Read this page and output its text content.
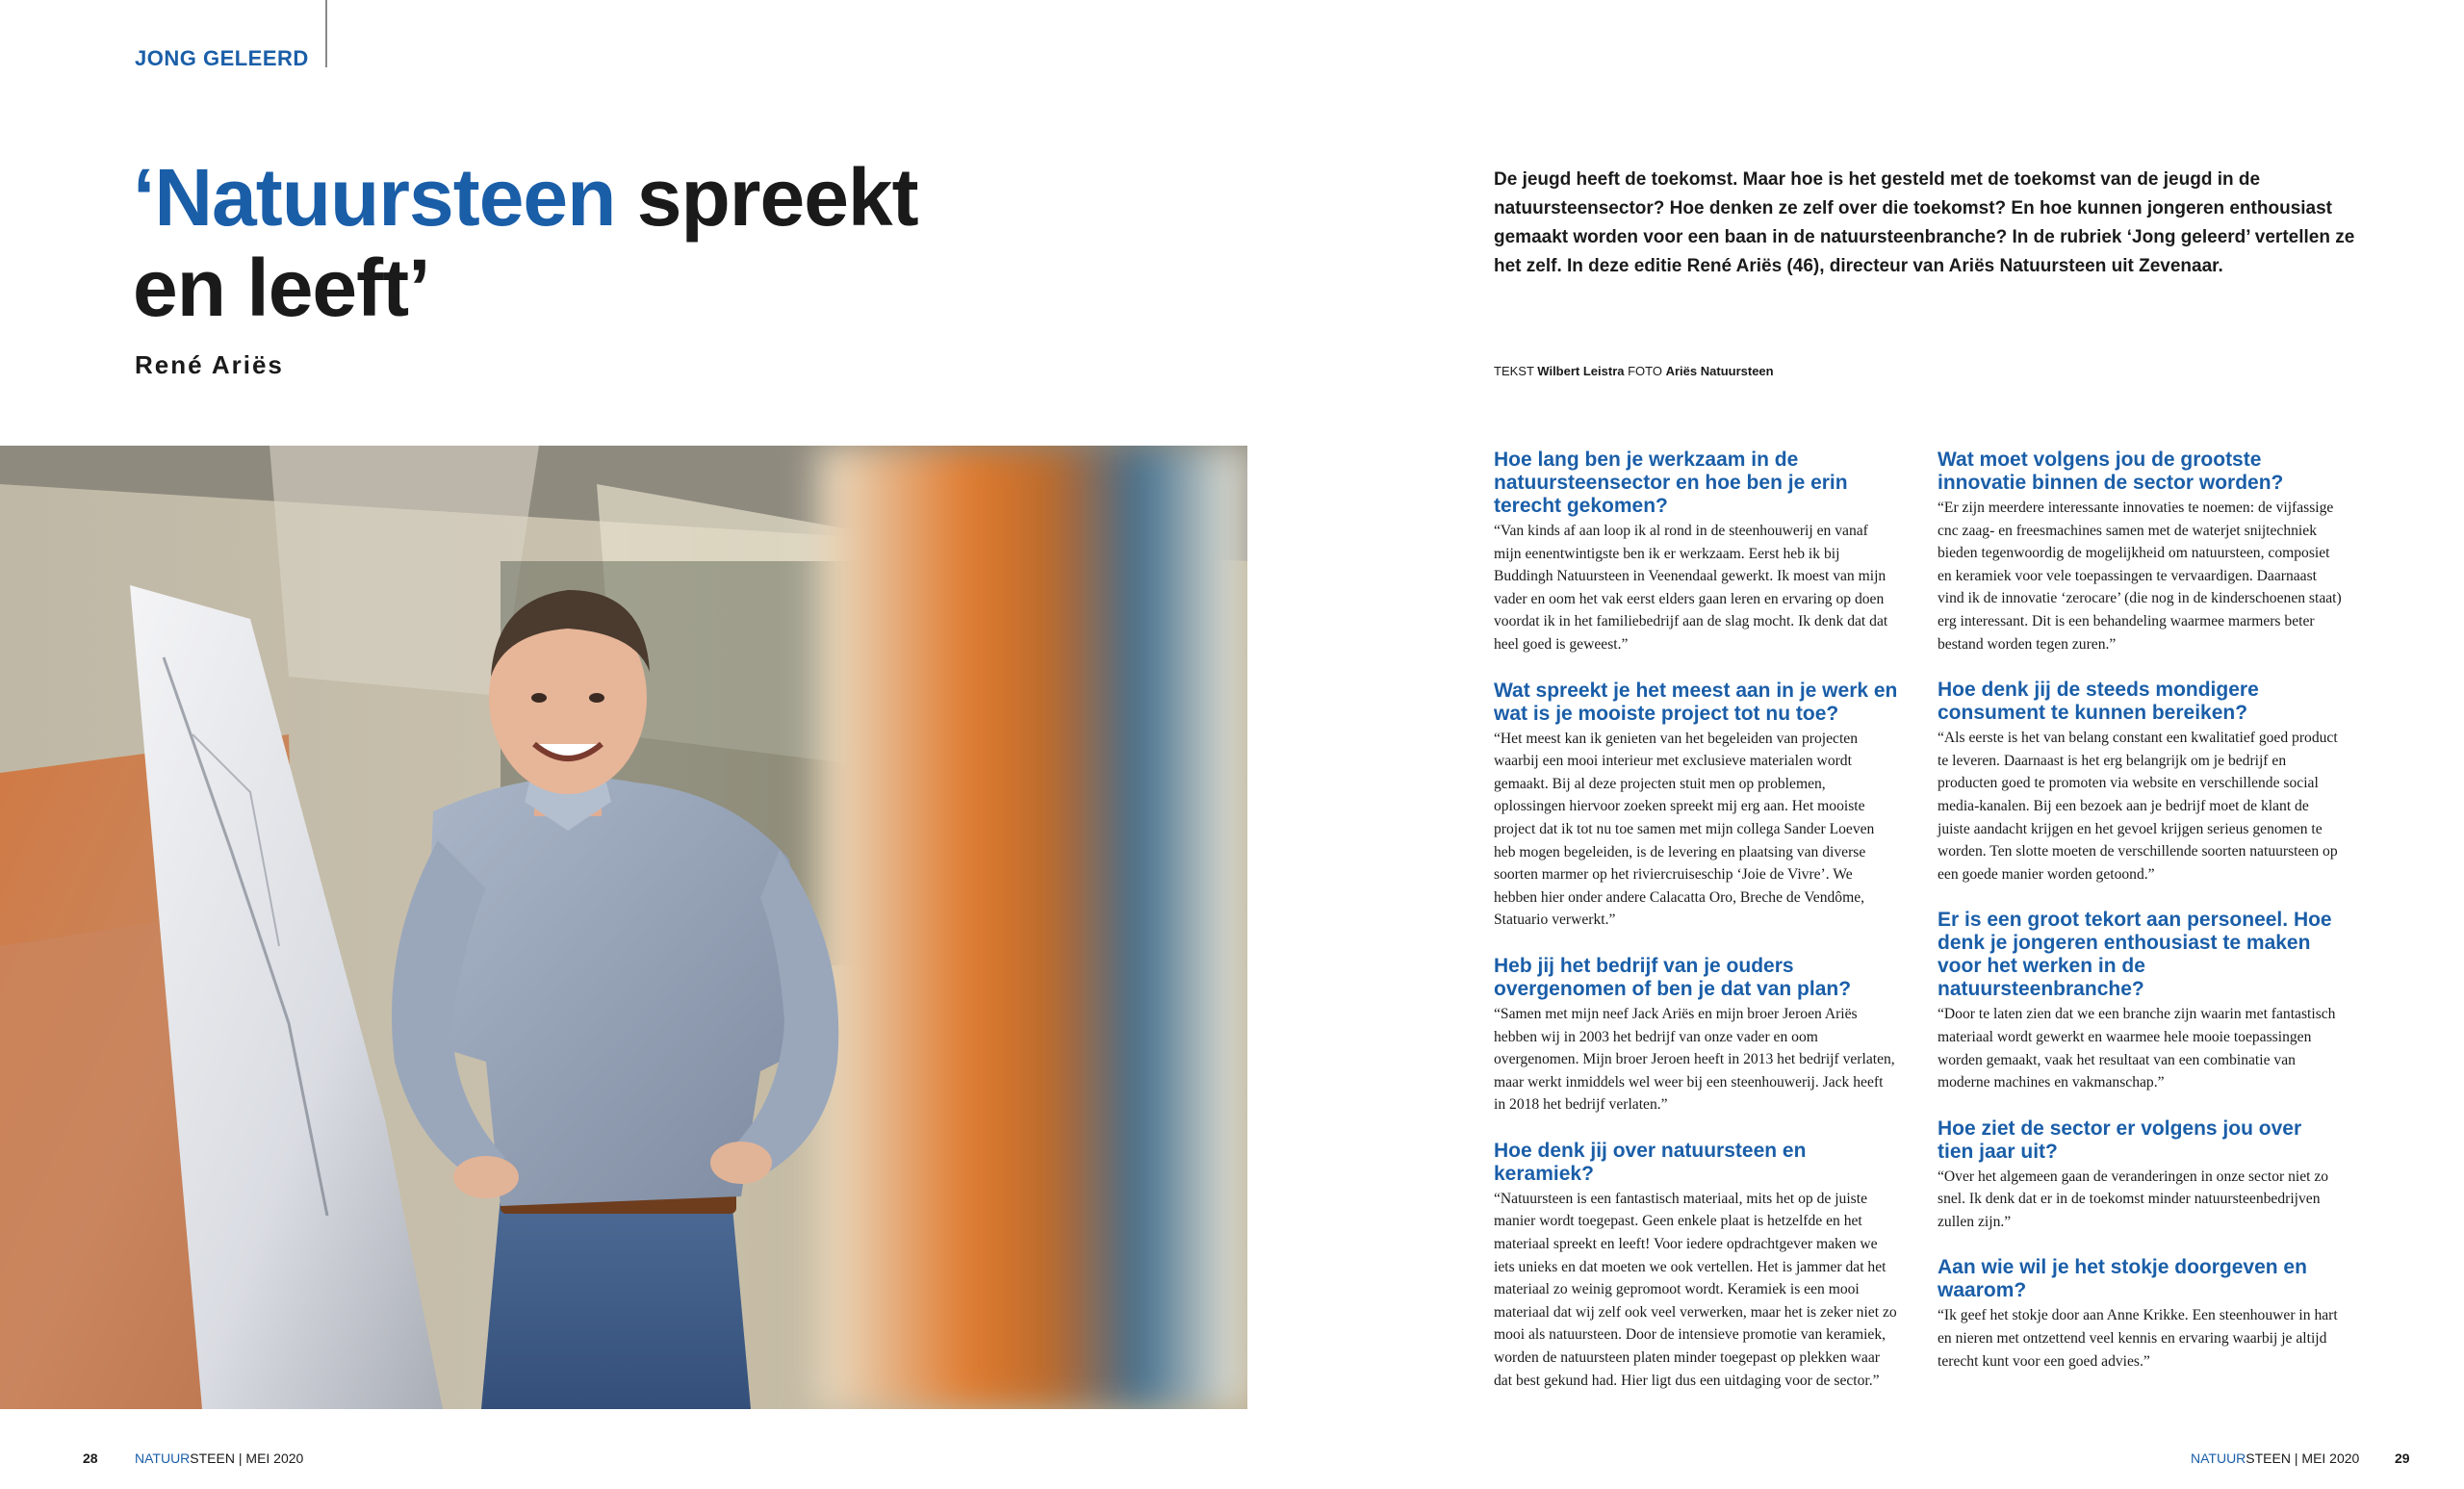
JONG GELEERD
‘Natuursteen spreekt en leeft’
René Ariës

De jeugd heeft de toekomst. Maar hoe is het gesteld met de toekomst van de jeugd in de natuursteensector? Hoe denken ze zelf over die toekomst? En hoe kunnen jongeren enthousiast gemaakt worden voor een baan in de natuursteenbranche? In de rubriek ‘Jong geleerd’ vertellen ze het zelf. In deze editie René Ariës (46), directeur van Ariës Natuursteen uit Zevenaar.

TEKST Wilbert Leistra FOTO Ariës Natuursteen
Hoe lang ben je werkzaam in de natuursteensector en hoe ben je erin terecht gekomen?

“Van kinds af aan loop ik al rond in de steenhouwerij en vanaf mijn eenentwintigste ben ik er werkzaam. Eerst heb ik bij Buddingh Natuursteen in Veenendaal gewerkt. Ik moest van mijn vader en oom het vak eerst elders gaan leren en ervaring op doen voordat ik in het familiebedrijf aan de slag mocht. Ik denk dat dat heel goed is geweest.”

Wat spreekt je het meest aan in je werk en wat is je mooiste project tot nu toe?

“Het meest kan ik genieten van het begeleiden van projecten waarbij een mooi interieur met exclusieve materialen wordt gemaakt. Bij al deze projecten stuit men op problemen, oplossingen hiervoor zoeken spreekt mij erg aan. Het mooiste project dat ik tot nu toe samen met mijn collega Sander Loeven heb mogen begeleiden, is de levering en plaatsing van diverse soorten marmer op het riviercruiseschip ‘Joie de Vivre’. We hebben hier onder andere Calacatta Oro, Breche de Vendôme, Statuario verwerkt.”

Heb jij het bedrijf van je ouders overgenomen of ben je dat van plan?

“Samen met mijn neef Jack Ariës en mijn broer Jeroen Ariës hebben wij in 2003 het bedrijf van onze vader en oom overgenomen. Mijn broer Jeroen heeft in 2013 het bedrijf verlaten, maar werkt inmiddels wel weer bij een steenhouwerij. Jack heeft in 2018 het bedrijf verlaten.”

Hoe denk jij over natuursteen en keramiek?

“Natuursteen is een fantastisch materiaal, mits het op de juiste manier wordt toegepast. Geen enkele plaat is hetzelfde en het materiaal spreekt en leeft! Voor iedere opdrachtgever maken we iets unieks en dat moeten we ook vertellen. Het is jammer dat het materiaal zo weinig gepromoot wordt. Keramiek is een mooi materiaal dat wij zelf ook veel verwerken, maar het is zeker niet zo mooi als natuursteen. Door de intensieve promotie van keramiek, worden de natuursteen platen minder toegepast op plekken waar dat best gekund had. Hier ligt dus een uitdaging voor de sector.”

Wat moet volgens jou de grootste innovatie binnen de sector worden?

“Er zijn meerdere interessante innovaties te noemen: de vijfassige cnc zaag- en freesmachines samen met de waterjet snijtechniek bieden tegenwoordig de mogelijkheid om natuursteen, composiet en keramiek voor vele toepassingen te vervaardigen. Daarnaast vind ik de innovatie ‘zerocare’ (die nog in de kinderschoenen staat) erg interessant. Dit is een behandeling waarmee marmers beter bestand worden tegen zuren.”

Hoe denk jij de steeds mondigere consument te kunnen bereiken?

“Als eerste is het van belang constant een kwalitatief goed product te leveren. Daarnaast is het erg belangrijk om je bedrijf en producten goed te promoten via website en verschillende social media-kanalen. Bij een bezoek aan je bedrijf moet de klant de juiste aandacht krijgen en het gevoel krijgen serieus genomen te worden. Ten slotte moeten de verschillende soorten natuursteen op een goede manier worden getoond.”

Er is een groot tekort aan personeel. Hoe denk je jongeren enthousiast te maken voor het werken in de natuursteenbranche?

“Door te laten zien dat we een branche zijn waarin met fantastisch materiaal wordt gewerkt en waarmee hele mooie toepassingen worden gemaakt, vaak het resultaat van een combinatie van moderne machines en vakmanschap.”

Hoe ziet de sector er volgens jou over tien jaar uit?

“Over het algemeen gaan de veranderingen in onze sector niet zo snel. Ik denk dat er in de toekomst minder natuursteenbedrijven zullen zijn.”

Aan wie wil je het stokje doorgeven en waarom?

“Ik geef het stokje door aan Anne Krikke. Een steenhouwer in hart en nieren met ontzettend veel kennis en ervaring waarbij je altijd terecht kunt voor een goed advies.”

28	NATUURSTEEN | MEI 2020	NATUURSTEEN | MEI 2020	29
